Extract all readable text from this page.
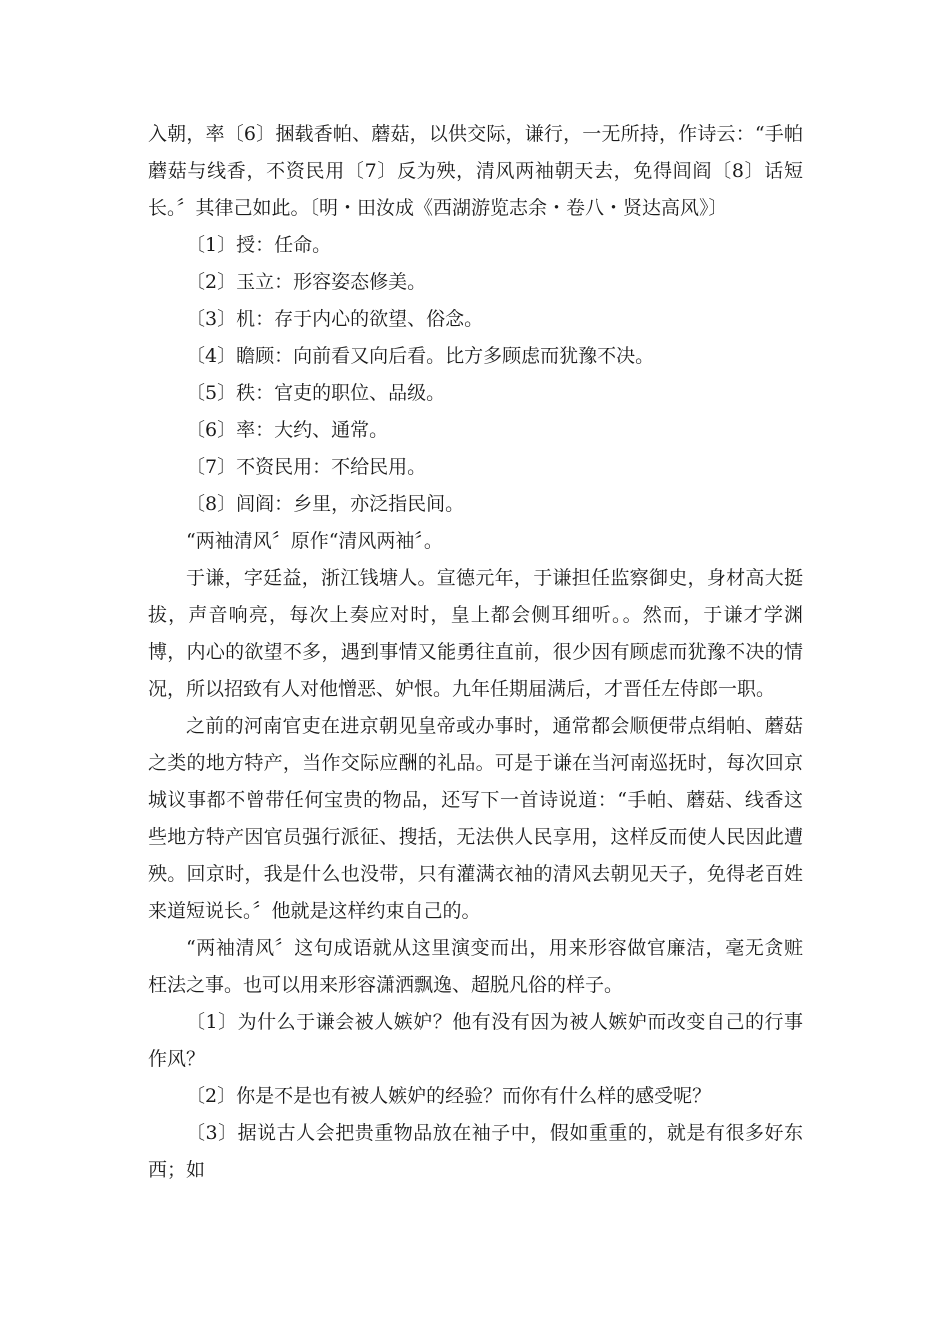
入朝，率〔6〕捆载香帕、蘑菇，以供交际，谦行，一无所持，作诗云：“手帕蘑菇与线香，不资民用〔7〕反为殃，清风两袖朝天去，免得闾阎〔8〕话短长。〞其律己如此。〔明・田汝成《西湖游览志余・卷八・贤达高风》〕

〔1〕授：任命。

〔2〕玉立：形容姿态修美。

〔3〕机：存于内心的欲望、俗念。

〔4〕瞻顾：向前看又向后看。比方多顾虑而犹豫不决。

〔5〕秩：官吏的职位、品级。

〔6〕率：大约、通常。

〔7〕不资民用：不给民用。

〔8〕闾阎：乡里，亦泛指民间。

“两袖清风〞原作“清风两袖〞。

于谦，字廷益，浙江钱塘人。宣德元年，于谦担任监察御史，身材高大挺拔，声音响亮，每次上奏应对时，皇上都会侧耳细听。。然而，于谦才学渊博，内心的欲望不多，遇到事情又能勇往直前，很少因有顾虑而犹豫不决的情况，所以招致有人对他憎恶、妒恨。九年任期届满后，才晋任左侍郎一职。

之前的河南官吏在进京朝见皇帝或办事时，通常都会顺便带点绢帕、蘑菇之类的地方特产，当作交际应酬的礼品。可是于谦在当河南巡抚时，每次回京城议事都不曾带任何宝贵的物品，还写下一首诗说道：“手帕、蘑菇、线香这些地方特产因官员强行派征、搜括，无法供人民享用，这样反而使人民因此遭殃。回京时，我是什么也没带，只有灌满衣袖的清风去朝见天子，免得老百姓来道短说长。〞他就是这样约束自己的。

“两袖清风〞这句成语就从这里演变而出，用来形容做官廉洁，毫无贪赃枉法之事。也可以用来形容潇洒飘逸、超脱凡俗的样子。

〔1〕为什么于谦会被人嫉妒？他有没有因为被人嫉妒而改变自己的行事作风？

〔2〕你是不是也有被人嫉妒的经验？而你有什么样的感受呢？

〔3〕据说古人会把贵重物品放在袖子中，假如重重的，就是有很多好东西；如
